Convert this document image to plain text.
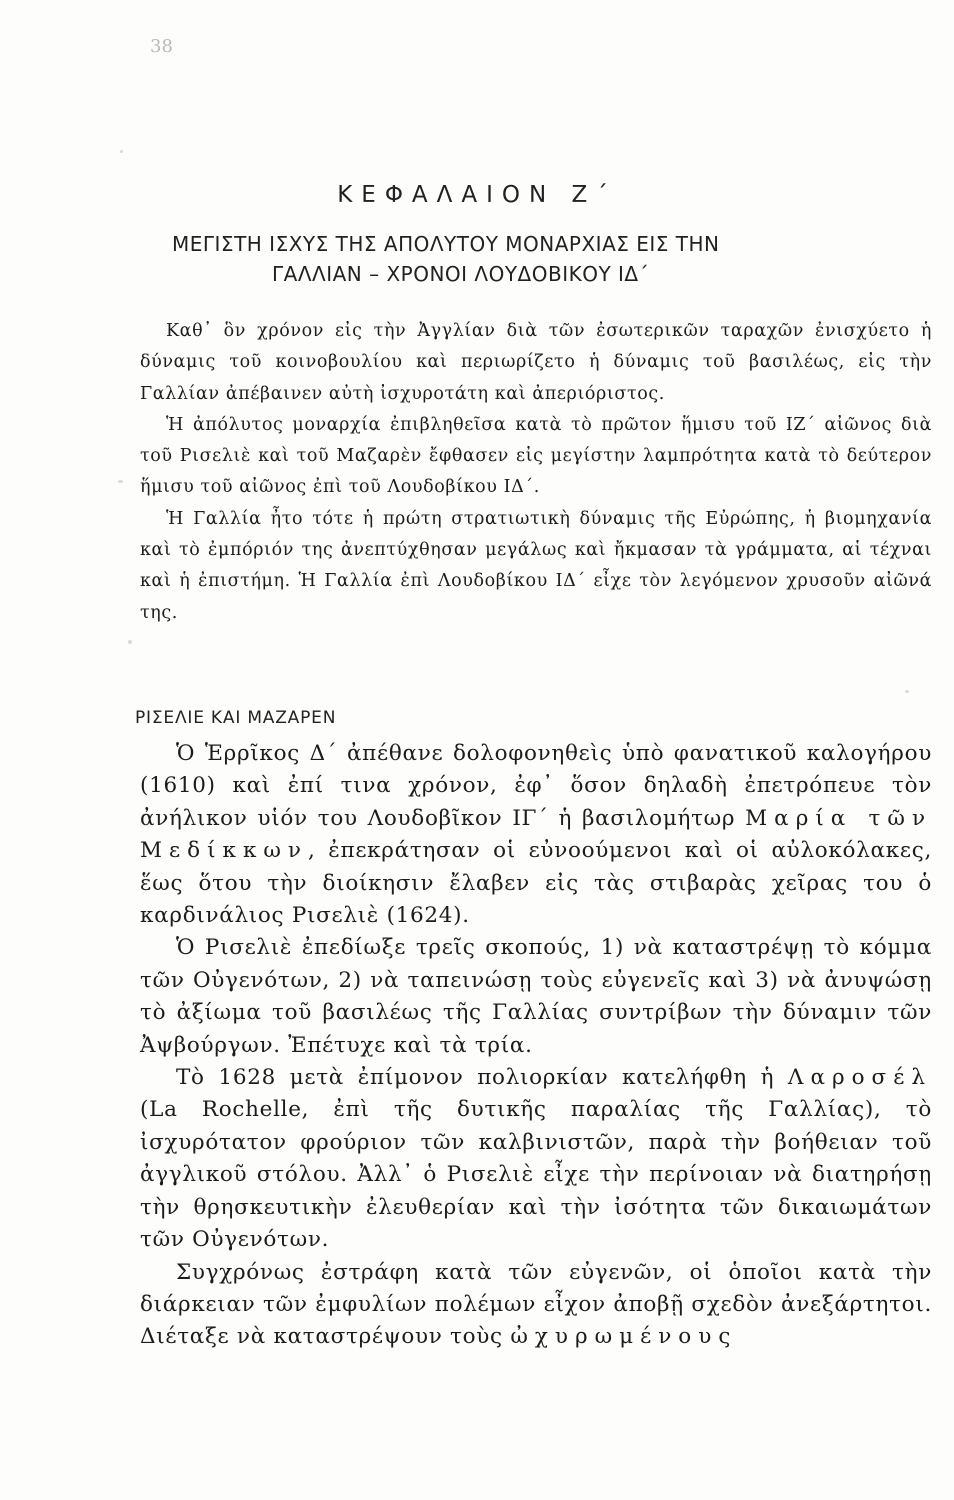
38
ΚΕΦΑΛΑΙΟΝ Ζ΄
ΜΕΓΙΣΤΗ ΙΣΧΥΣ ΤΗΣ ΑΠΟΛΥΤΟΥ ΜΟΝΑΡΧΙΑΣ ΕΙΣ ΤΗΝ
ΓΑΛΛΙΑΝ – ΧΡΟΝΟΙ ΛΟΥΔΟΒΙΚΟΥ ΙΔ΄

Καθ᾽ ὃν χρόνον εἰς τὴν Ἀγγλίαν διὰ τῶν ἐσωτερικῶν ταραχῶν ἐνισχύετο ἡ δύναμις τοῦ κοινοβουλίου καὶ περιωρίζετο ἡ δύναμις τοῦ βασιλέως, εἰς τὴν Γαλλίαν ἀπέβαινεν αὐτὴ ἰσχυροτάτη καὶ ἀπεριόριστος.

Ἡ ἀπόλυτος μοναρχία ἐπιβληθεῖσα κατὰ τὸ πρῶτον ἥμισυ τοῦ ΙΖ΄ αἰῶνος διὰ τοῦ Ρισελιὲ καὶ τοῦ Μαζαρὲν ἔφθασεν εἰς μεγίστην λαμπρότητα κατὰ τὸ δεύτερον ἥμισυ τοῦ αἰῶνος ἐπὶ τοῦ Λουδοβίκου ΙΔ΄.

Ἡ Γαλλία ἦτο τότε ἡ πρώτη στρατιωτικὴ δύναμις τῆς Εὐρώπης, ἡ βιομηχανία καὶ τὸ ἐμπόριόν της ἀνεπτύχθησαν μεγάλως καὶ ἤκμασαν τὰ γράμματα, αἱ τέχναι καὶ ἡ ἐπιστήμη. Ἡ Γαλλία ἐπὶ Λουδοβίκου ΙΔ΄ εἶχε τὸν λεγόμενον χρυσοῦν αἰῶνά της.

ΡΙΣΕΛΙΕ ΚΑΙ ΜΑΖΑΡΕΝ

Ὁ Ἑρρῖκος Δ΄ ἀπέθανε δολοφονηθεὶς ὑπὸ φανατικοῦ καλογήρου (1610) καὶ ἐπί τινα χρόνον, ἐφ᾽ ὅσον δηλαδὴ ἐπετρόπευε τὸν ἀνήλικον υἱόν του Λουδοβῖκον ΙΓ΄ ἡ βασιλομήτωρ Μαρία τῶν Μεδίκκων, ἐπεκράτησαν οἱ εὐνοούμενοι καὶ οἱ αὐλοκόλακες, ἕως ὅτου τὴν διοίκησιν ἔλαβεν εἰς τὰς στιβαρὰς χεῖρας του ὁ καρδινάλιος Ρισελιὲ (1624).

Ὁ Ρισελιὲ ἐπεδίωξε τρεῖς σκοπούς, 1) νὰ καταστρέψῃ τὸ κόμμα τῶν Οὐγενότων, 2) νὰ ταπεινώσῃ τοὺς εὐγενεῖς καὶ 3) νὰ ἀνυψώσῃ τὸ ἀξίωμα τοῦ βασιλέως τῆς Γαλλίας συντρίβων τὴν δύναμιν τῶν Ἀψβούργων. Ἐπέτυχε καὶ τὰ τρία.

Τὸ 1628 μετὰ ἐπίμονον πολιορκίαν κατελήφθη ἡ Λαροσέλ (La Rochelle, ἐπὶ τῆς δυτικῆς παραλίας τῆς Γαλλίας), τὸ ἰσχυρότατον φρούριον τῶν καλβινιστῶν, παρὰ τὴν βοήθειαν τοῦ ἀγγλικοῦ στόλου. Ἀλλ᾽ ὁ Ρισελιὲ εἶχε τὴν περίνοιαν νὰ διατηρήσῃ τὴν θρησκευτικὴν ἐλευθερίαν καὶ τὴν ἰσότητα τῶν δικαιωμάτων τῶν Οὐγενότων.

Συγχρόνως ἐστράφη κατὰ τῶν εὐγενῶν, οἱ ὁποῖοι κατὰ τὴν διάρκειαν τῶν ἐμφυλίων πολέμων εἶχον ἀποβῇ σχεδὸν ἀνεξάρτητοι. Διέταξε νὰ καταστρέψουν τοὺς ὠχυρωμένους
